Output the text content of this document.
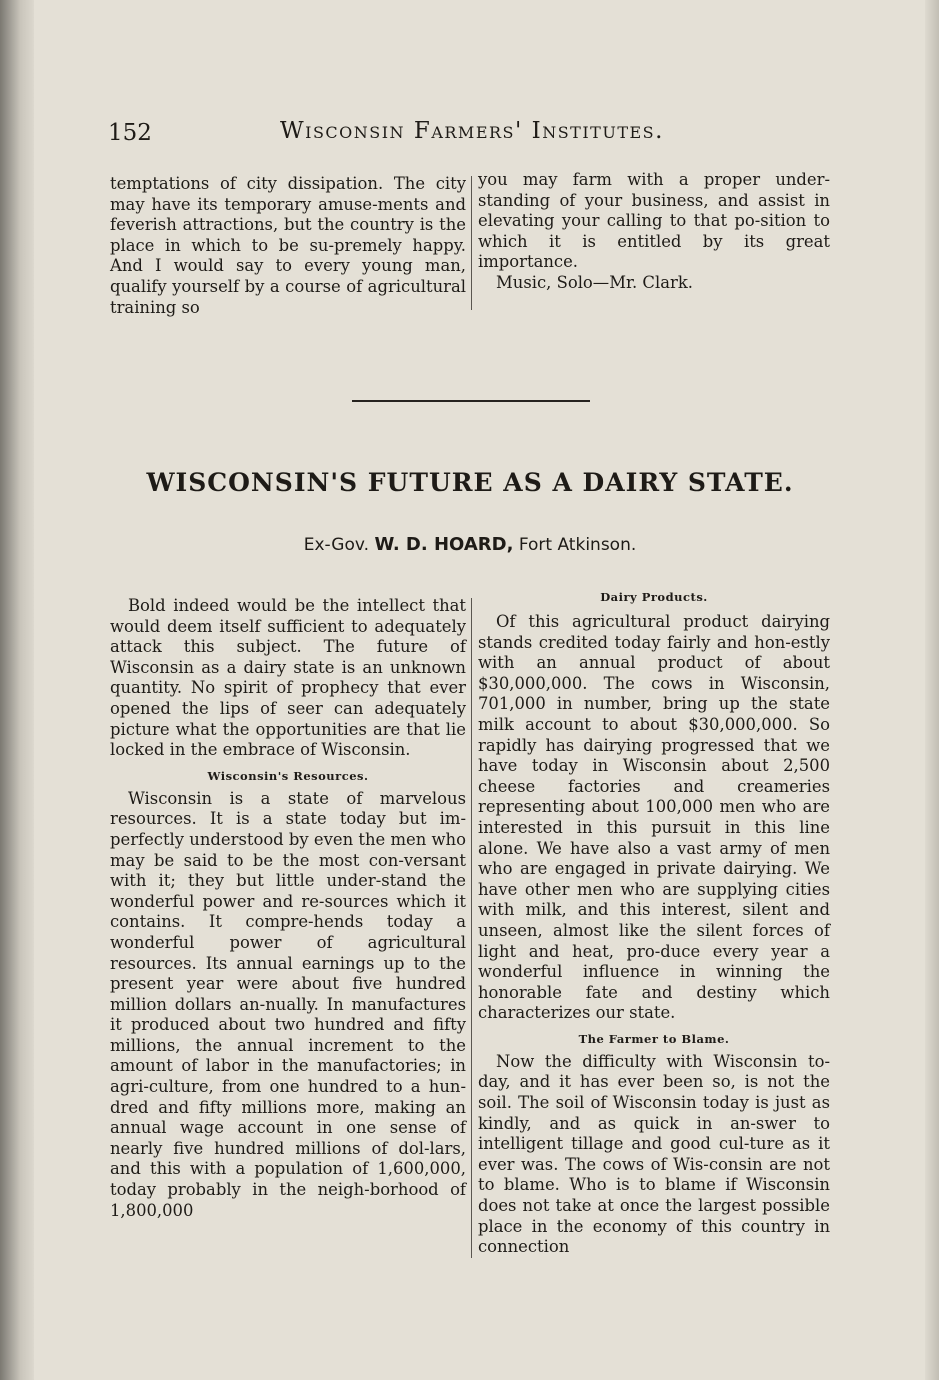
152	Wisconsin Farmers' Institutes.

temptations of city dissipation. The city may have its temporary amuse-ments and feverish attractions, but the country is the place in which to be su-premely happy. And I would say to every young man, qualify yourself by a course of agricultural training so

you may farm with a proper under-standing of your business, and assist in elevating your calling to that po-sition to which it is entitled by its great importance.

Music, Solo—Mr. Clark.

WISCONSIN'S FUTURE AS A DAIRY STATE.
Ex-Gov. W. D. HOARD, Fort Atkinson.

Bold indeed would be the intellect that would deem itself sufficient to adequately attack this subject. The future of Wisconsin as a dairy state is an unknown quantity. No spirit of prophecy that ever opened the lips of seer can adequately picture what the opportunities are that lie locked in the embrace of Wisconsin.

Wisconsin's Resources.

Wisconsin is a state of marvelous resources. It is a state today but im-perfectly understood by even the men who may be said to be the most con-versant with it; they but little under-stand the wonderful power and re-sources which it contains. It compre-hends today a wonderful power of agricultural resources. Its annual earnings up to the present year were about five hundred million dollars an-nually. In manufactures it produced about two hundred and fifty millions, the annual increment to the amount of labor in the manufactories; in agri-culture, from one hundred to a hun-dred and fifty millions more, making an annual wage account in one sense of nearly five hundred millions of dol-lars, and this with a population of 1,600,000, today probably in the neigh-borhood of 1,800,000

Dairy Products.

Of this agricultural product dairying stands credited today fairly and hon-estly with an annual product of about $30,000,000. The cows in Wisconsin, 701,000 in number, bring up the state milk account to about $30,000,000. So rapidly has dairying progressed that we have today in Wisconsin about 2,500 cheese factories and creameries representing about 100,000 men who are interested in this pursuit in this line alone. We have also a vast army of men who are engaged in private dairying. We have other men who are supplying cities with milk, and this interest, silent and unseen, almost like the silent forces of light and heat, pro-duce every year a wonderful influence in winning the honorable fate and destiny which characterizes our state.

The Farmer to Blame.

Now the difficulty with Wisconsin to-day, and it has ever been so, is not the soil. The soil of Wisconsin today is just as kindly, and as quick in an-swer to intelligent tillage and good cul-ture as it ever was. The cows of Wis-consin are not to blame. Who is to blame if Wisconsin does not take at once the largest possible place in the economy of this country in connection
